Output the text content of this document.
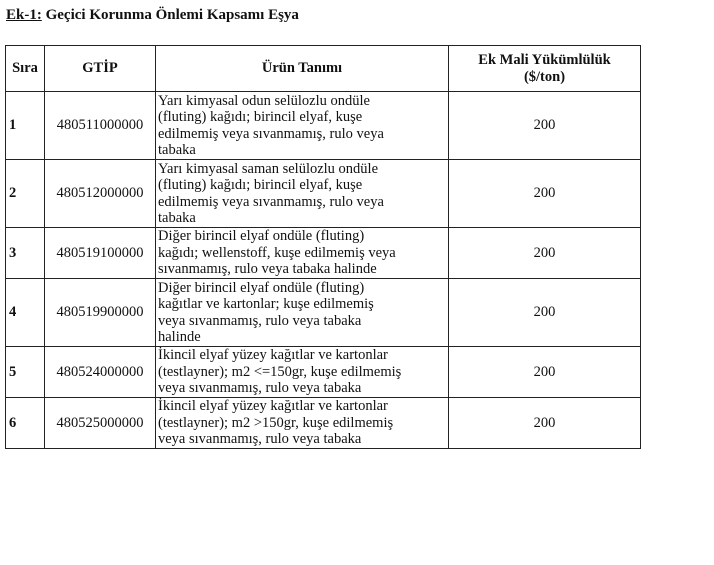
Ek-1: Geçici Korunma Önlemi Kapsamı Eşya
Sıra	GTİP	Ürün Tanımı	Ek Mali Yükümlülük
($/ton)
1	480511000000	Yarı kimyasal odun selülozlu ondüle
(fluting) kağıdı; birincil elyaf, kuşe
edilmemiş veya sıvanmamış, rulo veya
tabaka	200
2	480512000000	Yarı kimyasal saman selülozlu ondüle
(fluting) kağıdı; birincil elyaf, kuşe
edilmemiş veya sıvanmamış, rulo veya
tabaka	200
3	480519100000	Diğer birincil elyaf ondüle (fluting)
kağıdı; wellenstoff, kuşe edilmemiş veya
sıvanmamış, rulo veya tabaka halinde	200
4	480519900000	Diğer birincil elyaf ondüle (fluting)
kağıtlar ve kartonlar; kuşe edilmemiş
veya sıvanmamış, rulo veya tabaka
halinde	200
5	480524000000	İkincil elyaf yüzey kağıtlar ve kartonlar
(testlayner); m2 <=150gr, kuşe edilmemiş
veya sıvanmamış, rulo veya tabaka	200
6	480525000000	İkincil elyaf yüzey kağıtlar ve kartonlar
(testlayner); m2 >150gr, kuşe edilmemiş
veya sıvanmamış, rulo veya tabaka	200
